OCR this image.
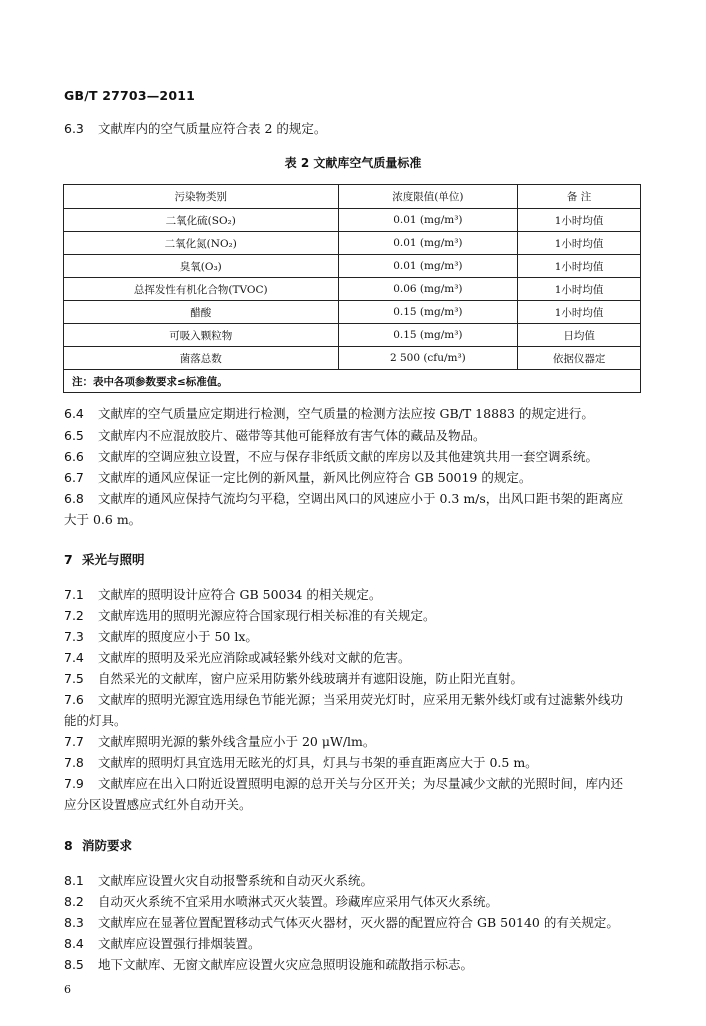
GB/T 27703—2011
6.3 文献库内的空气质量应符合表 2 的规定。
表 2 文献库空气质量标准
污染物类别	浓度限值(单位)	备 注
二氧化硫(SO₂)	0.01 (mg/m³)	1小时均值
二氧化氮(NO₂)	0.01 (mg/m³)	1小时均值
臭氧(O₃)	0.01 (mg/m³)	1小时均值
总挥发性有机化合物(TVOC)	0.06 (mg/m³)	1小时均值
醋酸	0.15 (mg/m³)	1小时均值
可吸入颗粒物	0.15 (mg/m³)	日均值
菌落总数	2 500 (cfu/m³)	依据仪器定
注：表中各项参数要求≤标准值。		
6.4 文献库的空气质量应定期进行检测，空气质量的检测方法应按 GB/T 18883 的规定进行。
6.5 文献库内不应混放胶片、磁带等其他可能释放有害气体的藏品及物品。
6.6 文献库的空调应独立设置，不应与保存非纸质文献的库房以及其他建筑共用一套空调系统。
6.7 文献库的通风应保证一定比例的新风量，新风比例应符合 GB 50019 的规定。
6.8 文献库的通风应保持气流均匀平稳，空调出风口的风速应小于 0.3 m/s，出风口距书架的距离应
大于 0.6 m。
7 采光与照明
7.1 文献库的照明设计应符合 GB 50034 的相关规定。
7.2 文献库选用的照明光源应符合国家现行相关标准的有关规定。
7.3 文献库的照度应小于 50 lx。
7.4 文献库的照明及采光应消除或减轻紫外线对文献的危害。
7.5 自然采光的文献库，窗户应采用防紫外线玻璃并有遮阳设施，防止阳光直射。
7.6 文献库的照明光源宜选用绿色节能光源；当采用荧光灯时，应采用无紫外线灯或有过滤紫外线功
能的灯具。
7.7 文献库照明光源的紫外线含量应小于 20 μW/lm。
7.8 文献库的照明灯具宜选用无眩光的灯具，灯具与书架的垂直距离应大于 0.5 m。
7.9 文献库应在出入口附近设置照明电源的总开关与分区开关；为尽量减少文献的光照时间，库内还
应分区设置感应式红外自动开关。
8 消防要求
8.1 文献库应设置火灾自动报警系统和自动灭火系统。
8.2 自动灭火系统不宜采用水喷淋式灭火装置。珍藏库应采用气体灭火系统。
8.3 文献库应在显著位置配置移动式气体灭火器材，灭火器的配置应符合 GB 50140 的有关规定。
8.4 文献库应设置强行排烟装置。
8.5 地下文献库、无窗文献库应设置火灾应急照明设施和疏散指示标志。
6
